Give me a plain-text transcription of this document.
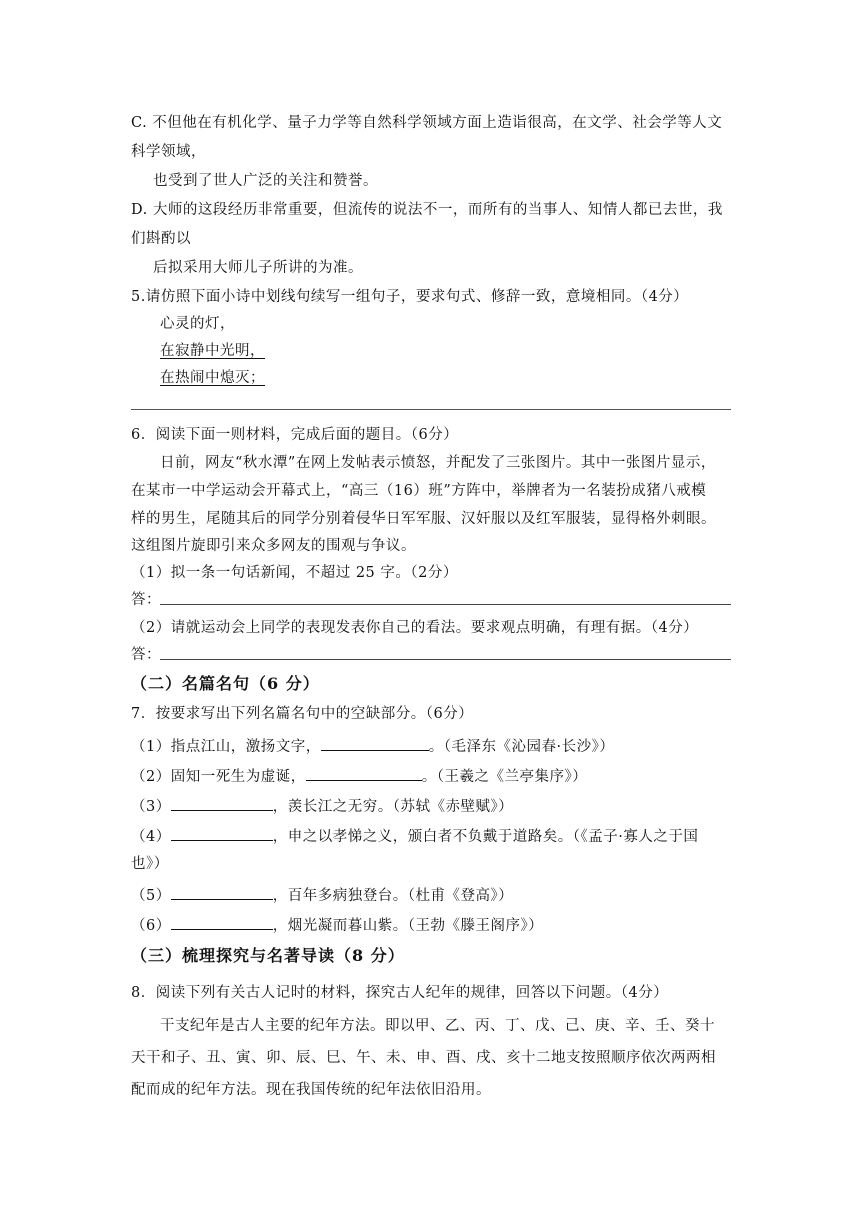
C. 不但他在有机化学、量子力学等自然科学领域方面上造诣很高，在文学、社会学等人文
科学领域，
也受到了世人广泛的关注和赞誉。
D. 大师的这段经历非常重要，但流传的说法不一，而所有的当事人、知情人都已去世，我
们斟酌以
后拟采用大师儿子所讲的为准。
5.请仿照下面小诗中划线句续写一组句子，要求句式、修辞一致，意境相同。（4分）
心灵的灯，
在寂静中光明，
在热闹中熄灭；
6．阅读下面一则材料，完成后面的题目。（6分）
日前，网友“秋水潭”在网上发帖表示愤怒，并配发了三张图片。其中一张图片显示，
在某市一中学运动会开幕式上，“高三（16）班”方阵中，举牌者为一名装扮成猪八戒模
样的男生，尾随其后的同学分别着侵华日军军服、汉奸服以及红军服装，显得格外刺眼。
这组图片旋即引来众多网友的围观与争议。
（1）拟一条一句话新闻，不超过 25 字。（2分）
答：
（2）请就运动会上同学的表现发表你自己的看法。要求观点明确，有理有据。（4分）
答：
（二）名篇名句（6 分）
7．按要求写出下列名篇名句中的空缺部分。（6分）
（1）指点江山，激扬文字，	。（毛泽东《沁园春·长沙》）
（2）固知一死生为虚诞，	。（王羲之《兰亭集序》）
（3）	，羡长江之无穷。（苏轼《赤壁赋》）
（4）	，申之以孝悌之义，颁白者不负戴于道路矣。（《孟子·寡人之于国
也》）
（5）	，百年多病独登台。（杜甫《登高》）
（6）	，烟光凝而暮山紫。（王勃《滕王阁序》）
（三）梳理探究与名著导读（8 分）
8．阅读下列有关古人记时的材料，探究古人纪年的规律，回答以下问题。（4分）
干支纪年是古人主要的纪年方法。即以甲、乙、丙、丁、戊、己、庚、辛、壬、癸十
天干和子、丑、寅、卯、辰、巳、午、未、申、酉、戌、亥十二地支按照顺序依次两两相
配而成的纪年方法。现在我国传统的纪年法依旧沿用。
